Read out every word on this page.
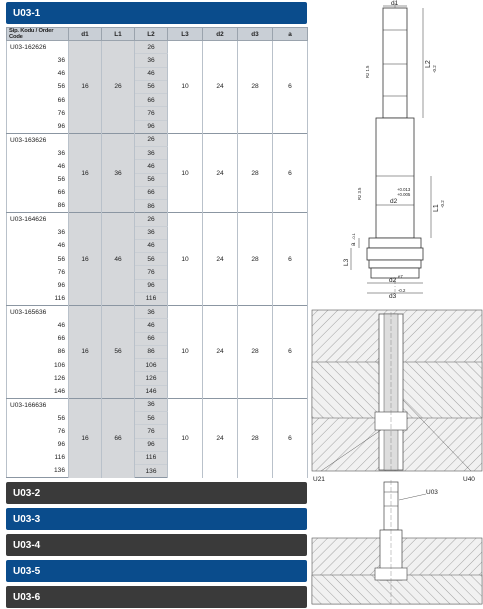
U03-1
Sip. Kodu / Order Code	d1	L1	L2	L3	d2	d3	a
U03-162626	16	26	26	10	24	28	6
36			36				
46			46				
56			56				
66			66				
76			76				
96			96				
U03-163626	16	36	26	10	24	28	6
36			36				
46			46				
56			56				
66			66				
86			86				
U03-164626	16	46	26	10	24	28	6
36			36				
46			46				
56			56				
76			76				
96			96				
116			116				
U03-165636	16	56	36	10	24	28	6
46			46				
66			66				
86			86				
106			106				
126			126				
146			146				
U03-166636	16	66	36	10	24	28	6
56			56				
76			76				
96			96				
116			116				
136			136				
U03-2
U03-3
U03-4
U03-5
U03-6
d1
L2
-0.2
L1
-0.2
d2
+0.013
+0.005
d2
e7
d3
-0.2
L3
a
-0.1
Rz 1.5
Rz 3.5
U21	U40
U03
